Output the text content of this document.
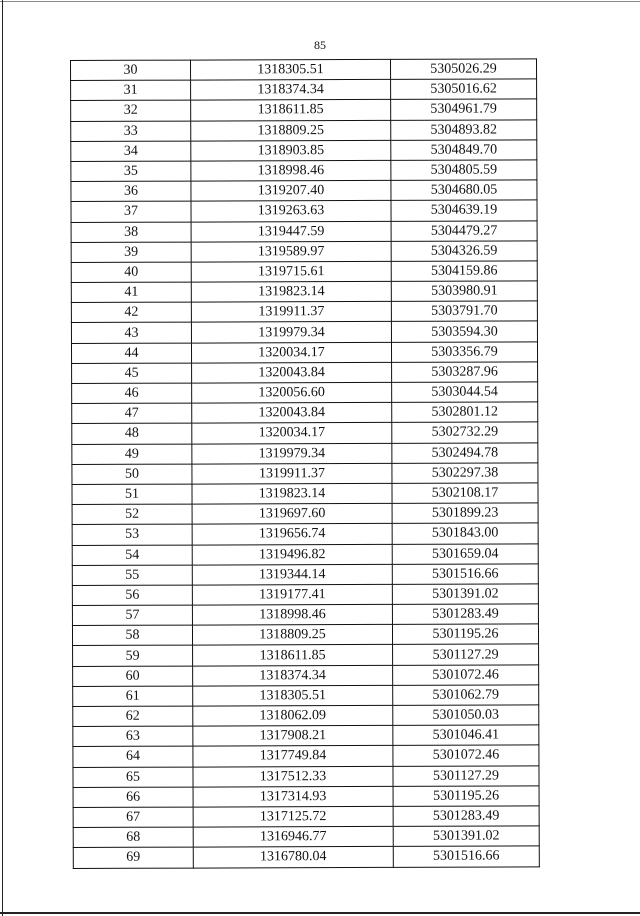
85
30	1318305.51	5305026.29
31	1318374.34	5305016.62
32	1318611.85	5304961.79
33	1318809.25	5304893.82
34	1318903.85	5304849.70
35	1318998.46	5304805.59
36	1319207.40	5304680.05
37	1319263.63	5304639.19
38	1319447.59	5304479.27
39	1319589.97	5304326.59
40	1319715.61	5304159.86
41	1319823.14	5303980.91
42	1319911.37	5303791.70
43	1319979.34	5303594.30
44	1320034.17	5303356.79
45	1320043.84	5303287.96
46	1320056.60	5303044.54
47	1320043.84	5302801.12
48	1320034.17	5302732.29
49	1319979.34	5302494.78
50	1319911.37	5302297.38
51	1319823.14	5302108.17
52	1319697.60	5301899.23
53	1319656.74	5301843.00
54	1319496.82	5301659.04
55	1319344.14	5301516.66
56	1319177.41	5301391.02
57	1318998.46	5301283.49
58	1318809.25	5301195.26
59	1318611.85	5301127.29
60	1318374.34	5301072.46
61	1318305.51	5301062.79
62	1318062.09	5301050.03
63	1317908.21	5301046.41
64	1317749.84	5301072.46
65	1317512.33	5301127.29
66	1317314.93	5301195.26
67	1317125.72	5301283.49
68	1316946.77	5301391.02
69	1316780.04	5301516.66
